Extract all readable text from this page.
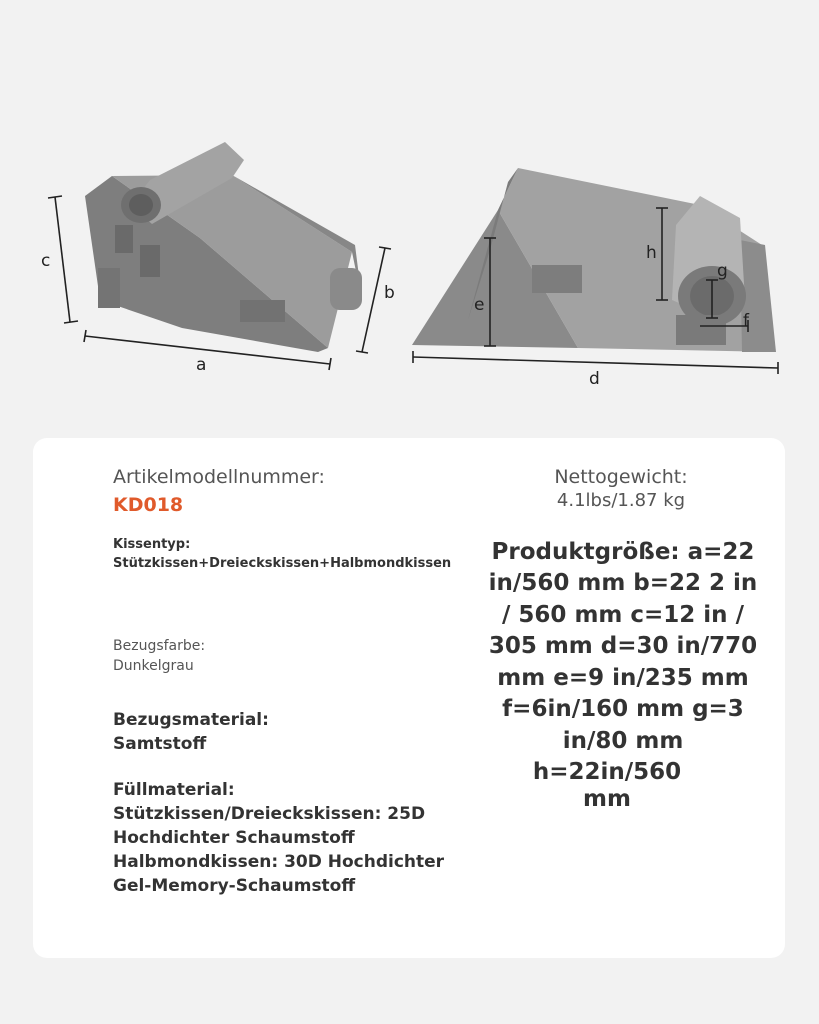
c
a
b
d
e
f
g
h

Artikelmodellnummer:

KD018

Kissentyp:

Stützkissen+Dreieckskissen+Halbmondkissen

Bezugsfarbe:

Dunkelgrau

Bezugsmaterial:

Samtstoff

Füllmaterial:

Stützkissen/Dreieckskissen: 25D

Hochdichter Schaumstoff

Halbmondkissen: 30D Hochdichter

Gel-Memory-Schaumstoff

Nettogewicht:

4.1lbs/1.87 kg

Produktgröße: a=22

in/560 mm b=22 2 in

/ 560 mm c=12 in /

305 mm d=30 in/770

mm e=9 in/235 mm

f=6in/160 mm g=3

in/80 mm

h=22in/560

mm
